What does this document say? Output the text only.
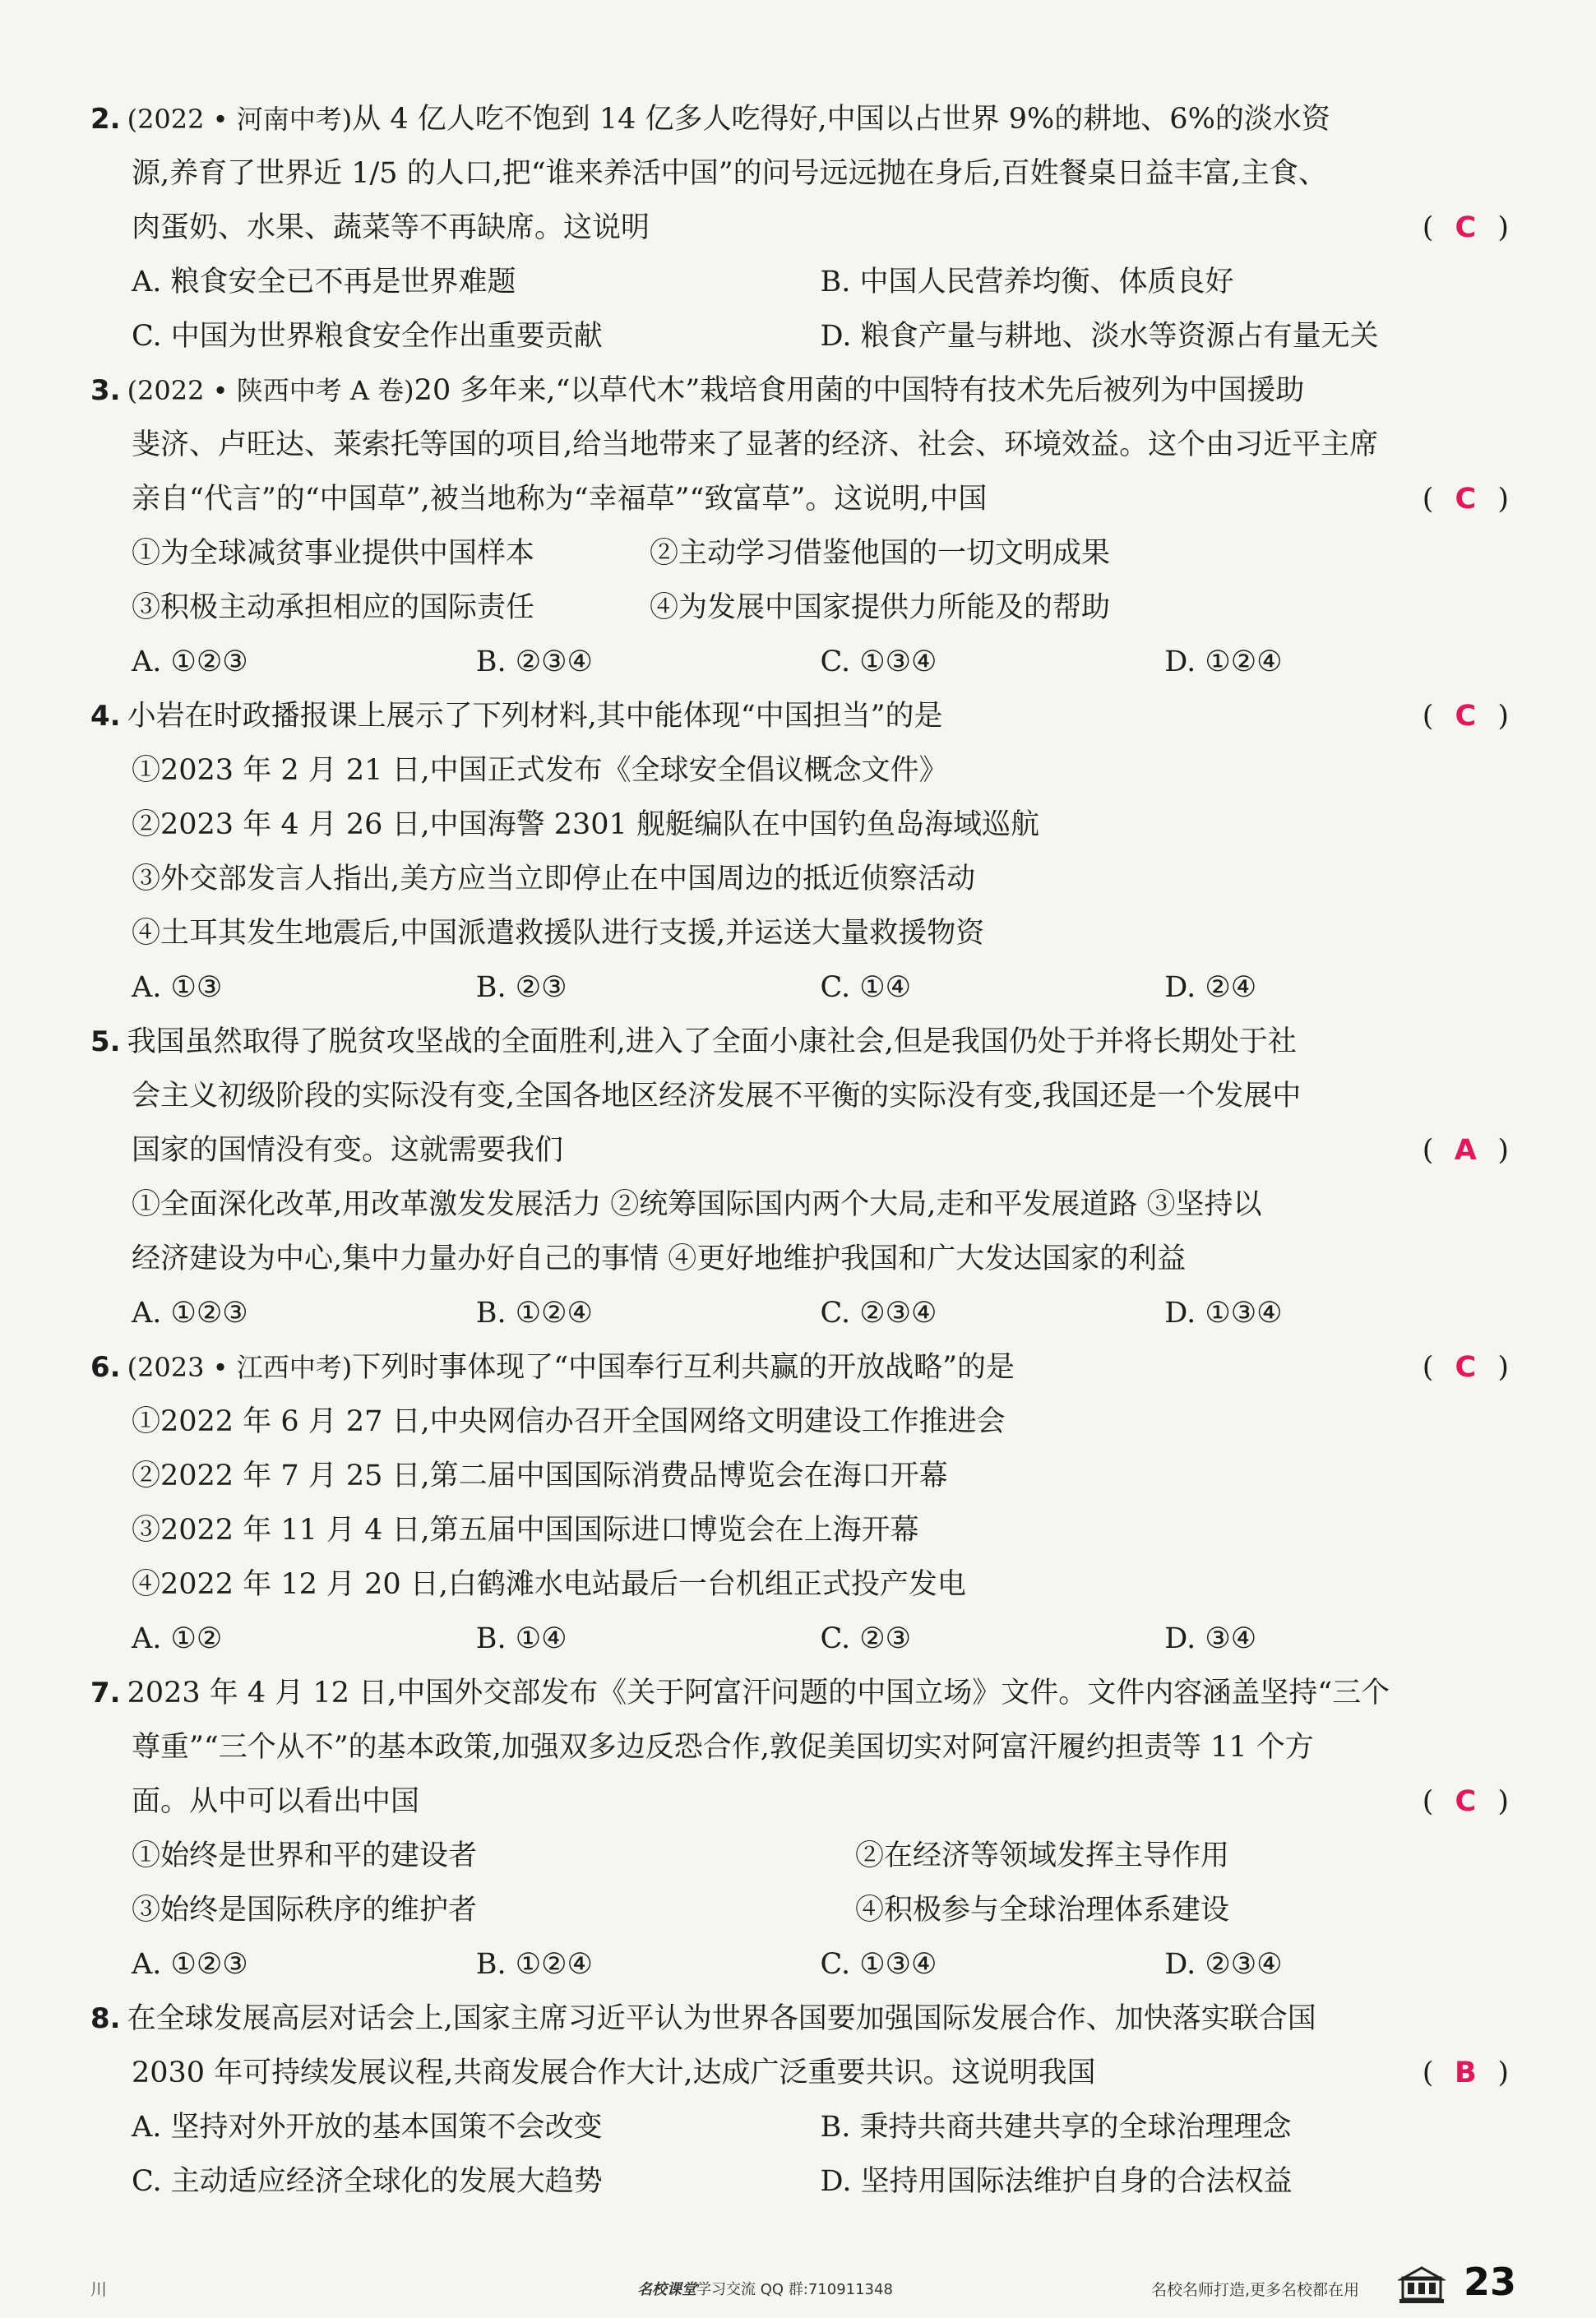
2. (2022 • 河南中考)从 4 亿人吃不饱到 14 亿多人吃得好,中国以占世界 9%的耕地、6%的淡水资
源,养育了世界近 1/5 的人口,把“谁来养活中国”的问号远远抛在身后,百姓餐桌日益丰富,主食、
肉蛋奶、水果、蔬菜等不再缺席。这说明	( C )
A. 粮食安全已不再是世界难题	B. 中国人民营养均衡、体质良好
C. 中国为世界粮食安全作出重要贡献	D. 粮食产量与耕地、淡水等资源占有量无关
3. (2022 • 陕西中考 A 卷)20 多年来,“以草代木”栽培食用菌的中国特有技术先后被列为中国援助
斐济、卢旺达、莱索托等国的项目,给当地带来了显著的经济、社会、环境效益。这个由习近平主席
亲自“代言”的“中国草”,被当地称为“幸福草”“致富草”。这说明,中国	( C )
①为全球减贫事业提供中国样本	②主动学习借鉴他国的一切文明成果
③积极主动承担相应的国际责任	④为发展中国家提供力所能及的帮助
A. ①②③	B. ②③④	C. ①③④	D. ①②④
4. 小岩在时政播报课上展示了下列材料,其中能体现“中国担当”的是	( C )
①2023 年 2 月 21 日,中国正式发布《全球安全倡议概念文件》
②2023 年 4 月 26 日,中国海警 2301 舰艇编队在中国钓鱼岛海域巡航
③外交部发言人指出,美方应当立即停止在中国周边的抵近侦察活动
④土耳其发生地震后,中国派遣救援队进行支援,并运送大量救援物资
A. ①③	B. ②③	C. ①④	D. ②④
5. 我国虽然取得了脱贫攻坚战的全面胜利,进入了全面小康社会,但是我国仍处于并将长期处于社
会主义初级阶段的实际没有变,全国各地区经济发展不平衡的实际没有变,我国还是一个发展中
国家的国情没有变。这就需要我们	( A )
①全面深化改革,用改革激发发展活力 ②统筹国际国内两个大局,走和平发展道路 ③坚持以
经济建设为中心,集中力量办好自己的事情 ④更好地维护我国和广大发达国家的利益
A. ①②③	B. ①②④	C. ②③④	D. ①③④
6. (2023 • 江西中考)下列时事体现了“中国奉行互利共赢的开放战略”的是	( C )
①2022 年 6 月 27 日,中央网信办召开全国网络文明建设工作推进会
②2022 年 7 月 25 日,第二届中国国际消费品博览会在海口开幕
③2022 年 11 月 4 日,第五届中国国际进口博览会在上海开幕
④2022 年 12 月 20 日,白鹤滩水电站最后一台机组正式投产发电
A. ①②	B. ①④	C. ②③	D. ③④
7. 2023 年 4 月 12 日,中国外交部发布《关于阿富汗问题的中国立场》文件。文件内容涵盖坚持“三个
尊重”“三个从不”的基本政策,加强双多边反恐合作,敦促美国切实对阿富汗履约担责等 11 个方
面。从中可以看出中国	( C )
①始终是世界和平的建设者	②在经济等领域发挥主导作用
③始终是国际秩序的维护者	④积极参与全球治理体系建设
A. ①②③	B. ①②④	C. ①③④	D. ②③④
8. 在全球发展高层对话会上,国家主席习近平认为世界各国要加强国际发展合作、加快落实联合国
2030 年可持续发展议程,共商发展合作大计,达成广泛重要共识。这说明我国	( B )
A. 坚持对外开放的基本国策不会改变	B. 秉持共商共建共享的全球治理理念
C. 主动适应经济全球化的发展大趋势	D. 坚持用国际法维护自身的合法权益
川	名校课堂学习交流 QQ 群:710911348	名校名师打造,更多名校都在用	23
